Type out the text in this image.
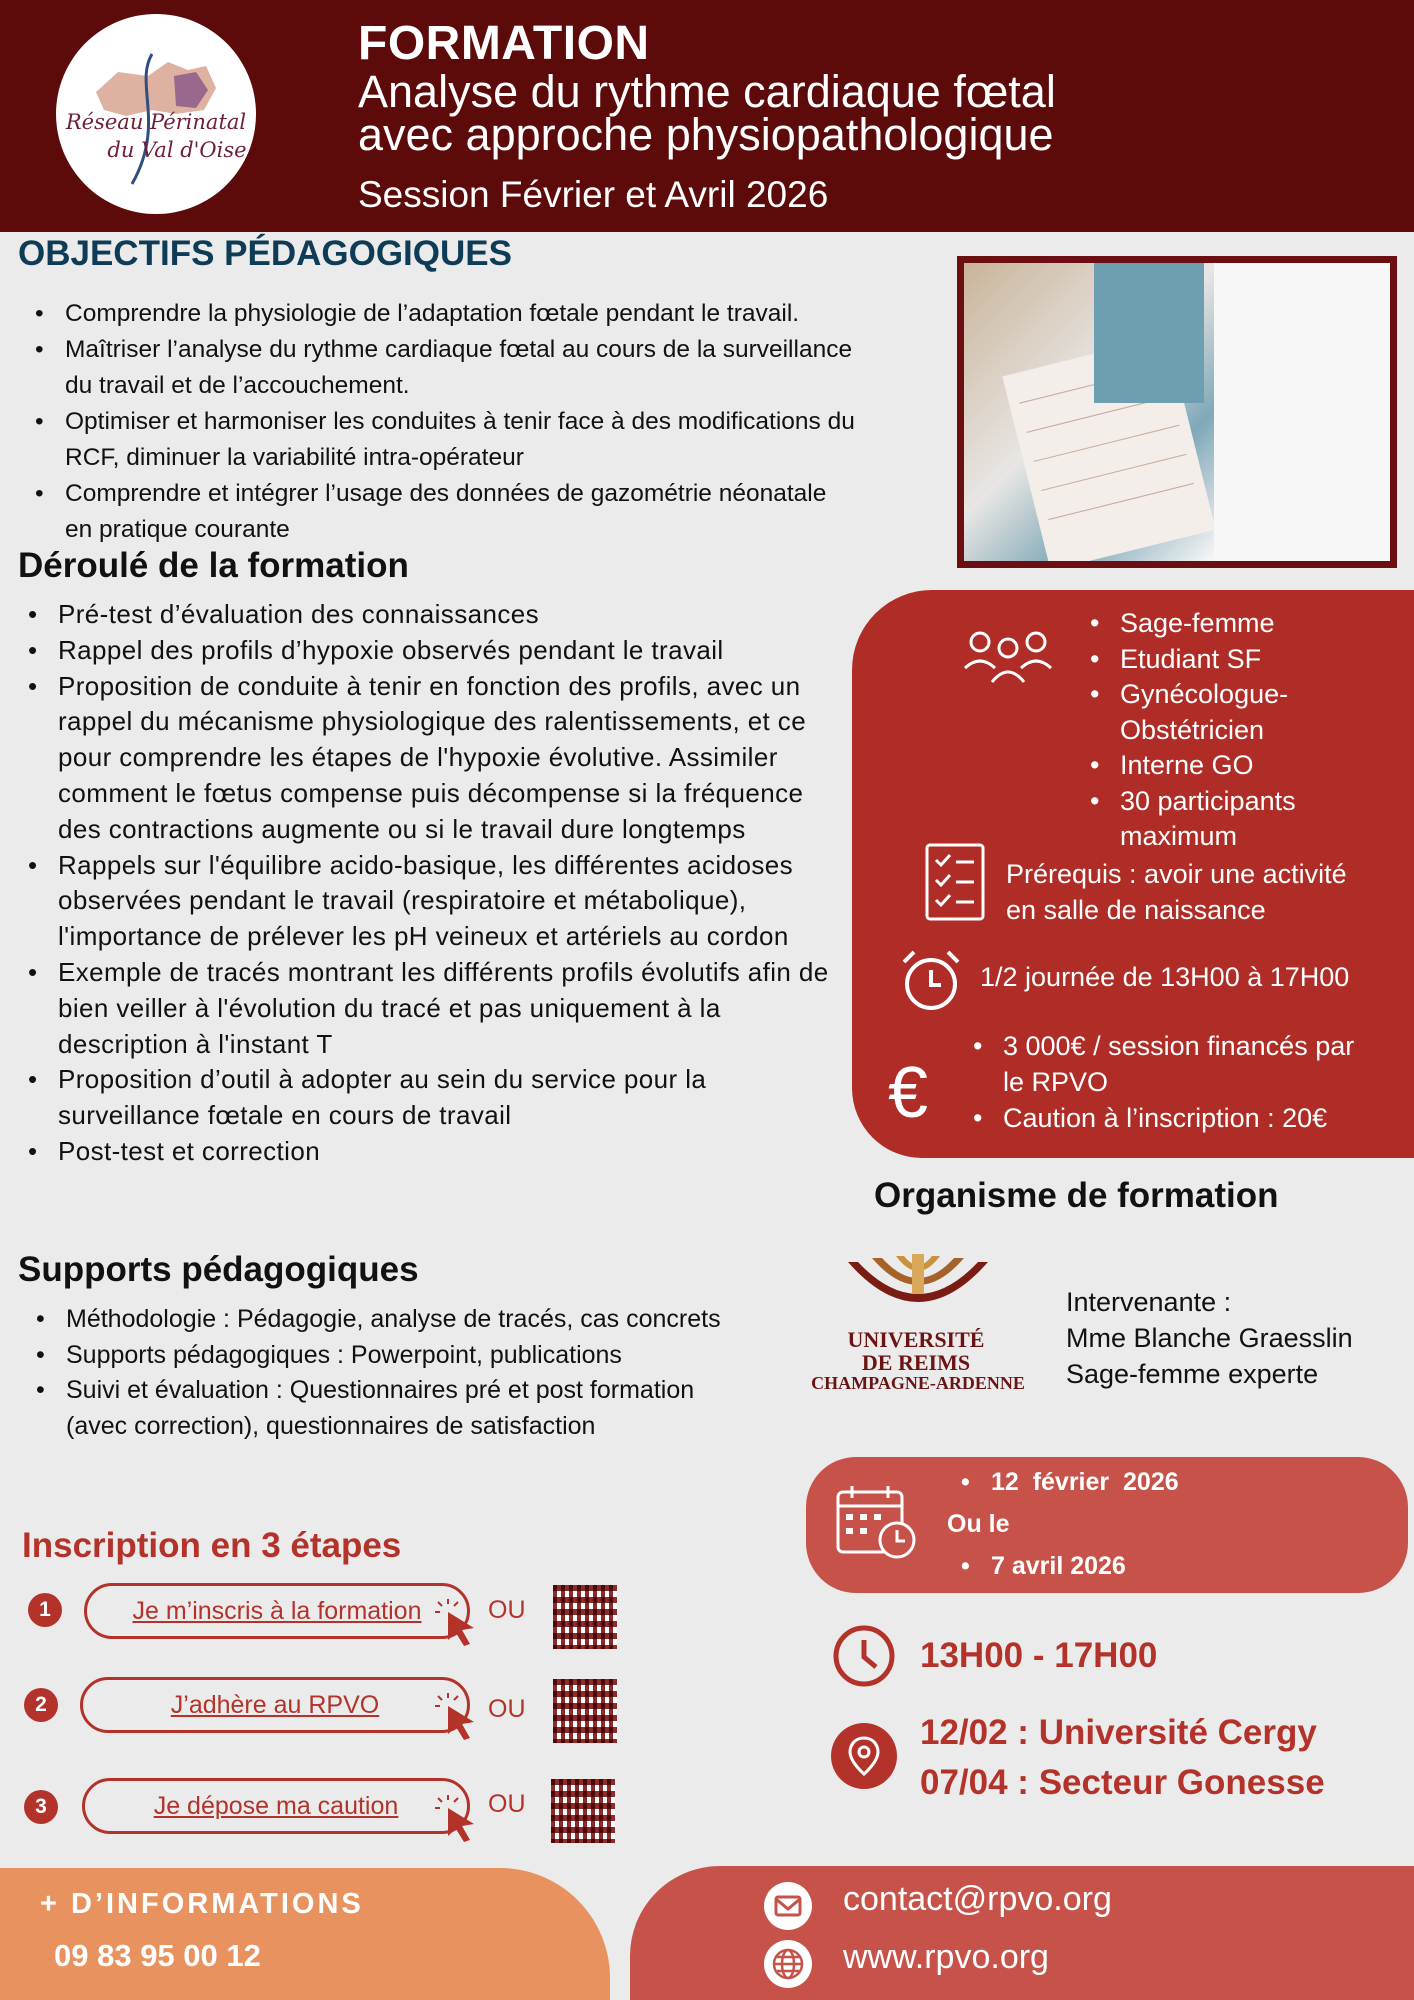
Réseau Périnatal
du Val d'Oise
FORMATION
Analyse du rythme cardiaque fœtal
avec approche physiopathologique
Session Février et Avril 2026
OBJECTIFS PÉDAGOGIQUES
• Comprendre la physiologie de l’adaptation fœtale pendant le travail.
• Maîtriser l’analyse du rythme cardiaque fœtal au cours de la surveillance du travail et de l’accouchement.
• Optimiser et harmoniser les conduites à tenir face à des modifications du RCF, diminuer la variabilité intra-opérateur
• Comprendre et intégrer l’usage des données de gazométrie néonatale en pratique courante
Déroulé de la formation
• Pré-test d’évaluation des connaissances
• Rappel des profils d’hypoxie observés pendant le travail
• Proposition de conduite à tenir en fonction des profils, avec un rappel du mécanisme physiologique des ralentissements, et ce pour comprendre les étapes de l'hypoxie évolutive. Assimiler comment le fœtus compense puis décompense si la fréquence des contractions augmente ou si le travail dure longtemps
• Rappels sur l'équilibre acido-basique, les différentes acidoses observées pendant le travail (respiratoire et métabolique), l'importance de prélever les pH veineux et artériels au cordon
• Exemple de tracés montrant les différents profils évolutifs afin de bien veiller à l'évolution du tracé et pas uniquement à la description à l'instant T
• Proposition d’outil à adopter au sein du service pour la surveillance fœtale en cours de travail
• Post-test et correction
Supports pédagogiques
• Méthodologie : Pédagogie, analyse de tracés, cas concrets
• Supports pédagogiques : Powerpoint, publications
• Suivi et évaluation : Questionnaires pré et post formation (avec correction), questionnaires de satisfaction
• Sage-femme
• Etudiant SF
• Gynécologue-Obstétricien
• Interne GO
• 30 participants maximum
Prérequis : avoir une activité
en salle de naissance
1/2 journée de 13H00 à 17H00
€
• 3 000€ / session financés par le RPVO
• Caution à l’inscription : 20€
Organisme de formation
UNIVERSITÉ
DE REIMS
CHAMPAGNE-ARDENNE
Intervenante :
Mme Blanche Graesslin
Sage-femme experte
• 12  février  2026
Ou le
• 7 avril 2026
13H00 - 17H00
12/02 : Université Cergy
07/04 : Secteur Gonesse
Inscription en 3 étapes
1	Je m’inscris à la formation	OU
2	J’adhère au RPVO	OU
3	Je dépose ma caution	OU
+ D’INFORMATIONS
09 83 95 00 12
contact@rpvo.org
www.rpvo.org
